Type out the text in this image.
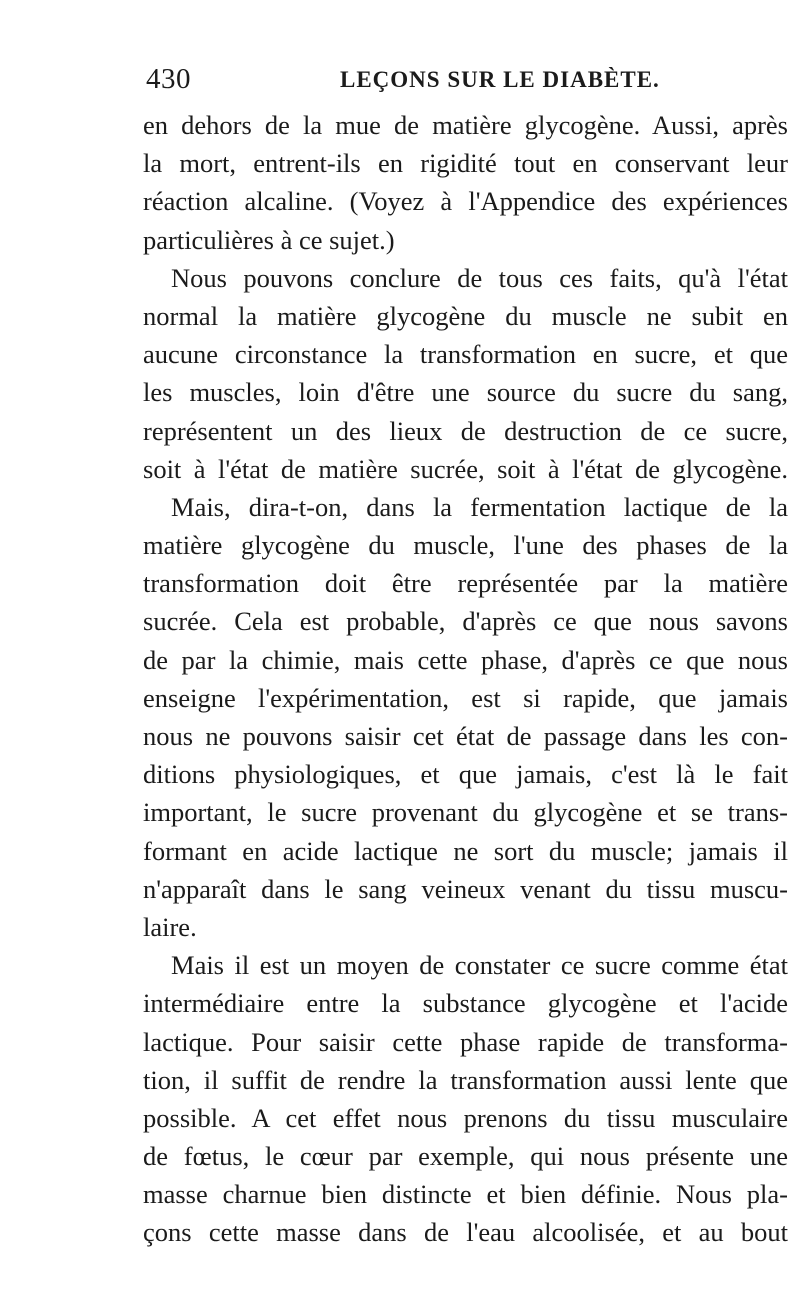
430	LEÇONS SUR LE DIABÈTE.
en dehors de la mue de matière glycogène. Aussi, après
la mort, entrent-ils en rigidité tout en conservant leur
réaction alcaline. (Voyez à l'Appendice des expériences
particulières à ce sujet.)
Nous pouvons conclure de tous ces faits, qu'à l'état
normal la matière glycogène du muscle ne subit en
aucune circonstance la transformation en sucre, et que
les muscles, loin d'être une source du sucre du sang,
représentent un des lieux de destruction de ce sucre,
soit à l'état de matière sucrée, soit à l'état de glycogène.
Mais, dira-t-on, dans la fermentation lactique de la
matière glycogène du muscle, l'une des phases de la
transformation doit être représentée par la matière
sucrée. Cela est probable, d'après ce que nous savons
de par la chimie, mais cette phase, d'après ce que nous
enseigne l'expérimentation, est si rapide, que jamais
nous ne pouvons saisir cet état de passage dans les con-
ditions physiologiques, et que jamais, c'est là le fait
important, le sucre provenant du glycogène et se trans-
formant en acide lactique ne sort du muscle; jamais il
n'apparaît dans le sang veineux venant du tissu muscu-
laire.
Mais il est un moyen de constater ce sucre comme état
intermédiaire entre la substance glycogène et l'acide
lactique. Pour saisir cette phase rapide de transforma-
tion, il suffit de rendre la transformation aussi lente que
possible. A cet effet nous prenons du tissu musculaire
de fœtus, le cœur par exemple, qui nous présente une
masse charnue bien distincte et bien définie. Nous pla-
çons cette masse dans de l'eau alcoolisée, et au bout
